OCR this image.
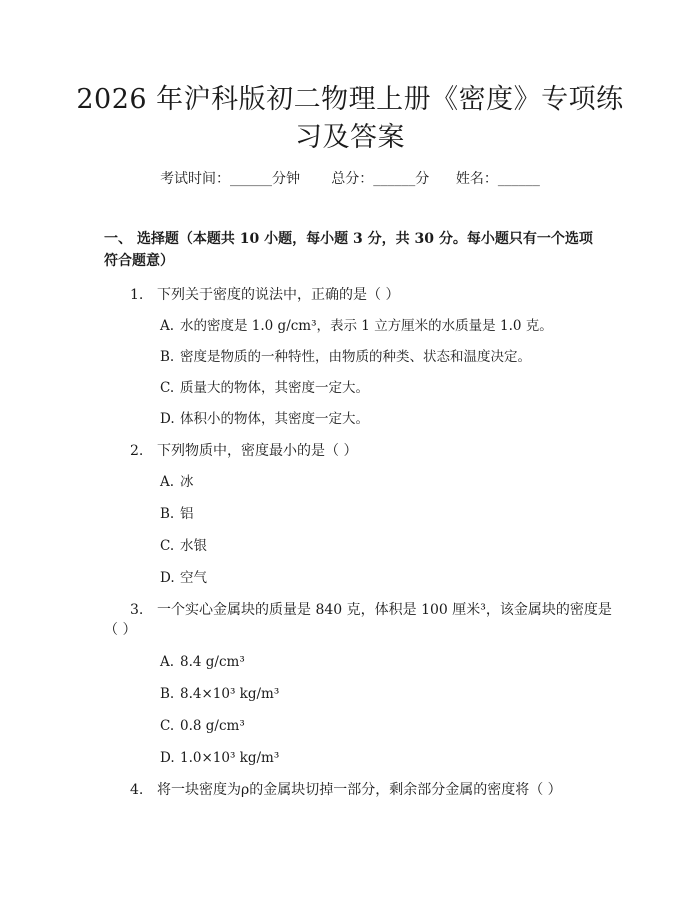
2026 年沪科版初二物理上册《密度》专项练
习及答案
考试时间：______分钟 总分：______分 姓名：______
一、 选择题（本题共 10 小题，每小题 3 分，共 30 分。每小题只有一个选项符合题意）
1. 下列关于密度的说法中，正确的是（ ）
A. 水的密度是 1.0 g/cm³，表示 1 立方厘米的水质量是 1.0 克。
B. 密度是物质的一种特性，由物质的种类、状态和温度决定。
C. 质量大的物体，其密度一定大。
D. 体积小的物体，其密度一定大。
2. 下列物质中，密度最小的是（ ）
A. 冰
B. 铝
C. 水银
D. 空气
3. 一个实心金属块的质量是 840 克，体积是 100 厘米³，该金属块的密度是
（ ）
A. 8.4 g/cm³
B. 8.4×10³ kg/m³
C. 0.8 g/cm³
D. 1.0×10³ kg/m³
4. 将一块密度为ρ的金属块切掉一部分，剩余部分金属的密度将（ ）
